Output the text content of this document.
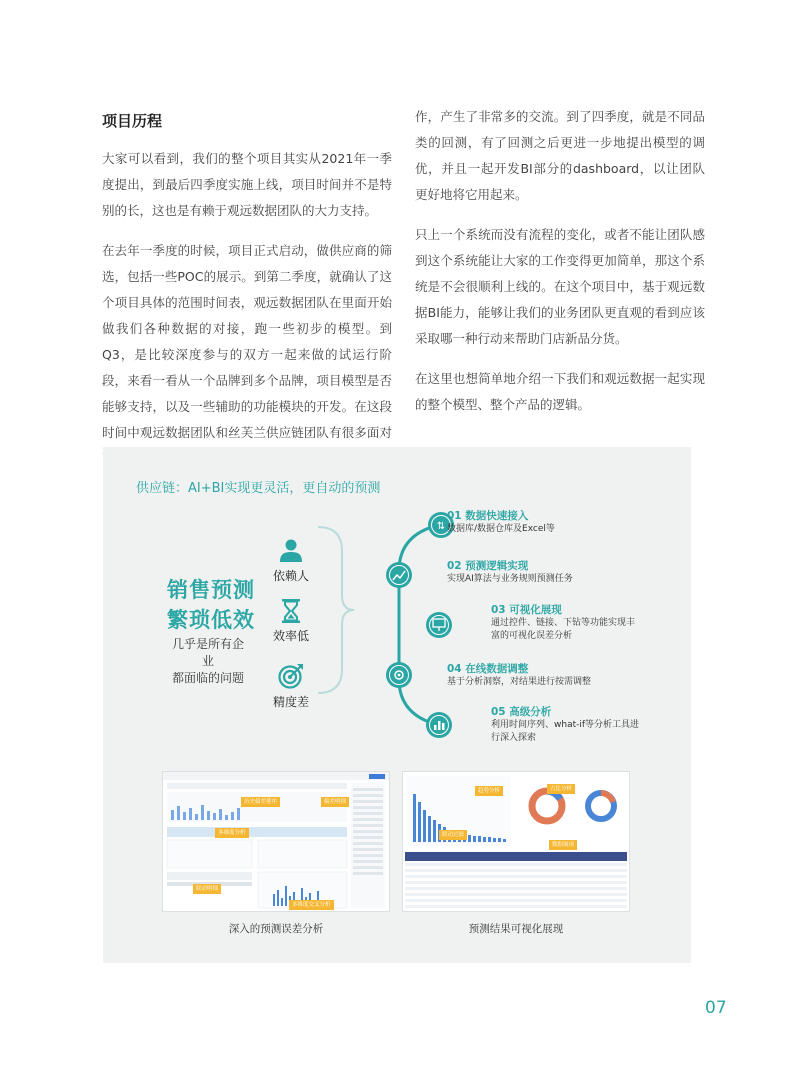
项目历程
大家可以看到，我们的整个项目其实从2021年一季度提出，到最后四季度实施上线，项目时间并不是特别的长，这也是有赖于观远数据团队的大力支持。
在去年一季度的时候，项目正式启动，做供应商的筛选，包括一些POC的展示。到第二季度，就确认了这个项目具体的范围时间表，观远数据团队在里面开始做我们各种数据的对接，跑一些初步的模型。到Q3，是比较深度参与的双方一起来做的试运行阶段，来看一看从一个品牌到多个品牌，项目模型是否能够支持，以及一些辅助的功能模块的开发。在这段时间中观远数据团队和丝芙兰供应链团队有很多面对
作，产生了非常多的交流。到了四季度，就是不同品类的回测，有了回测之后更进一步地提出模型的调优，并且一起开发BI部分的dashboard，以让团队更好地将它用起来。
只上一个系统而没有流程的变化，或者不能让团队感到这个系统能让大家的工作变得更加简单，那这个系统是不会很顺利上线的。在这个项目中，基于观远数据BI能力，能够让我们的业务团队更直观的看到应该采取哪一种行动来帮助门店新品分货。
在这里也想简单地介绍一下我们和观远数据一起实现的整个模型、整个产品的逻辑。
供应链：AI+BI实现更灵活，更自动的预测
销售预测
繁琐低效
几乎是所有企业
都面临的问题
依赖人
效率低
精度差
⇅
01 数据快速接入
数据库/数据仓库及Excel等
02 预测逻辑实现
实现AI算法与业务规则预测任务
03 可视化展现
通过控件、链接、下钻等功能实现丰
富的可视化误差分析
04 在线数据调整
基于分析洞察，对结果进行按需调整
05 高级分析
利用时间序列、what-if等分析工具进
行深入探索
历史偏差排序	偏差明细
多维度分析
联动明细
多维度交叉分析
深入的预测误差分析
趋势分析	占比分析
联动过滤
数据展现
预测结果可视化展现
07
